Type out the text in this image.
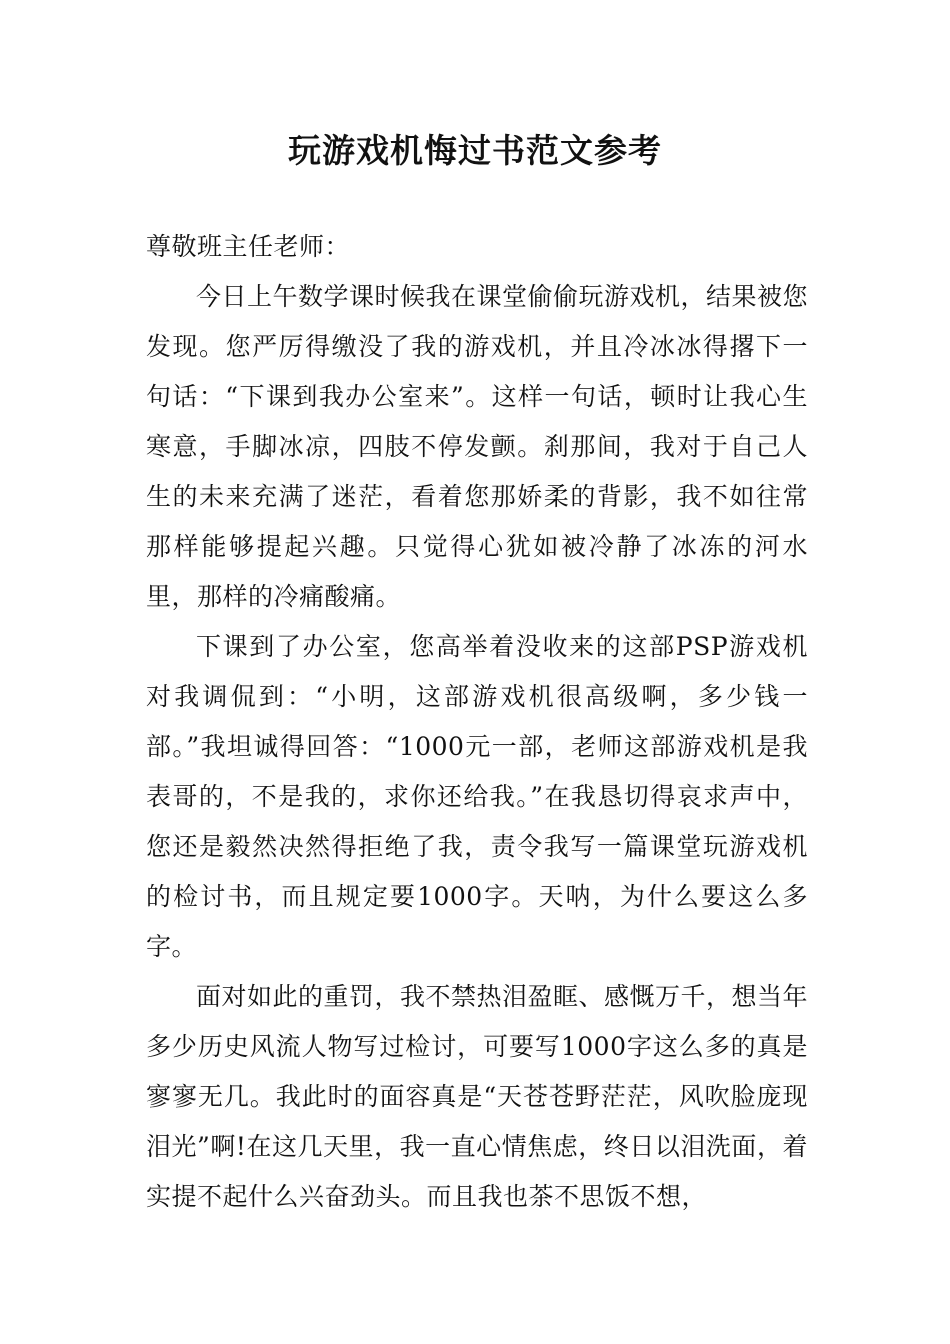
玩游戏机悔过书范文参考

尊敬班主任老师：

今日上午数学课时候我在课堂偷偷玩游戏机，结果被您发现。您严厉得缴没了我的游戏机，并且冷冰冰得撂下一句话：“下课到我办公室来”。这样一句话，顿时让我心生寒意，手脚冰凉，四肢不停发颤。刹那间，我对于自己人生的未来充满了迷茫，看着您那娇柔的背影，我不如往常那样能够提起兴趣。只觉得心犹如被冷静了冰冻的河水里，那样的冷痛酸痛。

下课到了办公室，您高举着没收来的这部PSP游戏机对我调侃到：“小明，这部游戏机很高级啊，多少钱一部。”我坦诚得回答：“1000元一部，老师这部游戏机是我表哥的，不是我的，求你还给我。”在我恳切得哀求声中，您还是毅然决然得拒绝了我，责令我写一篇课堂玩游戏机的检讨书，而且规定要1000字。天呐，为什么要这么多字。

面对如此的重罚，我不禁热泪盈眶、感慨万千，想当年多少历史风流人物写过检讨，可要写1000字这么多的真是寥寥无几。我此时的面容真是“天苍苍野茫茫，风吹脸庞现泪光”啊!在这几天里，我一直心情焦虑，终日以泪洗面，着实提不起什么兴奋劲头。而且我也茶不思饭不想，
